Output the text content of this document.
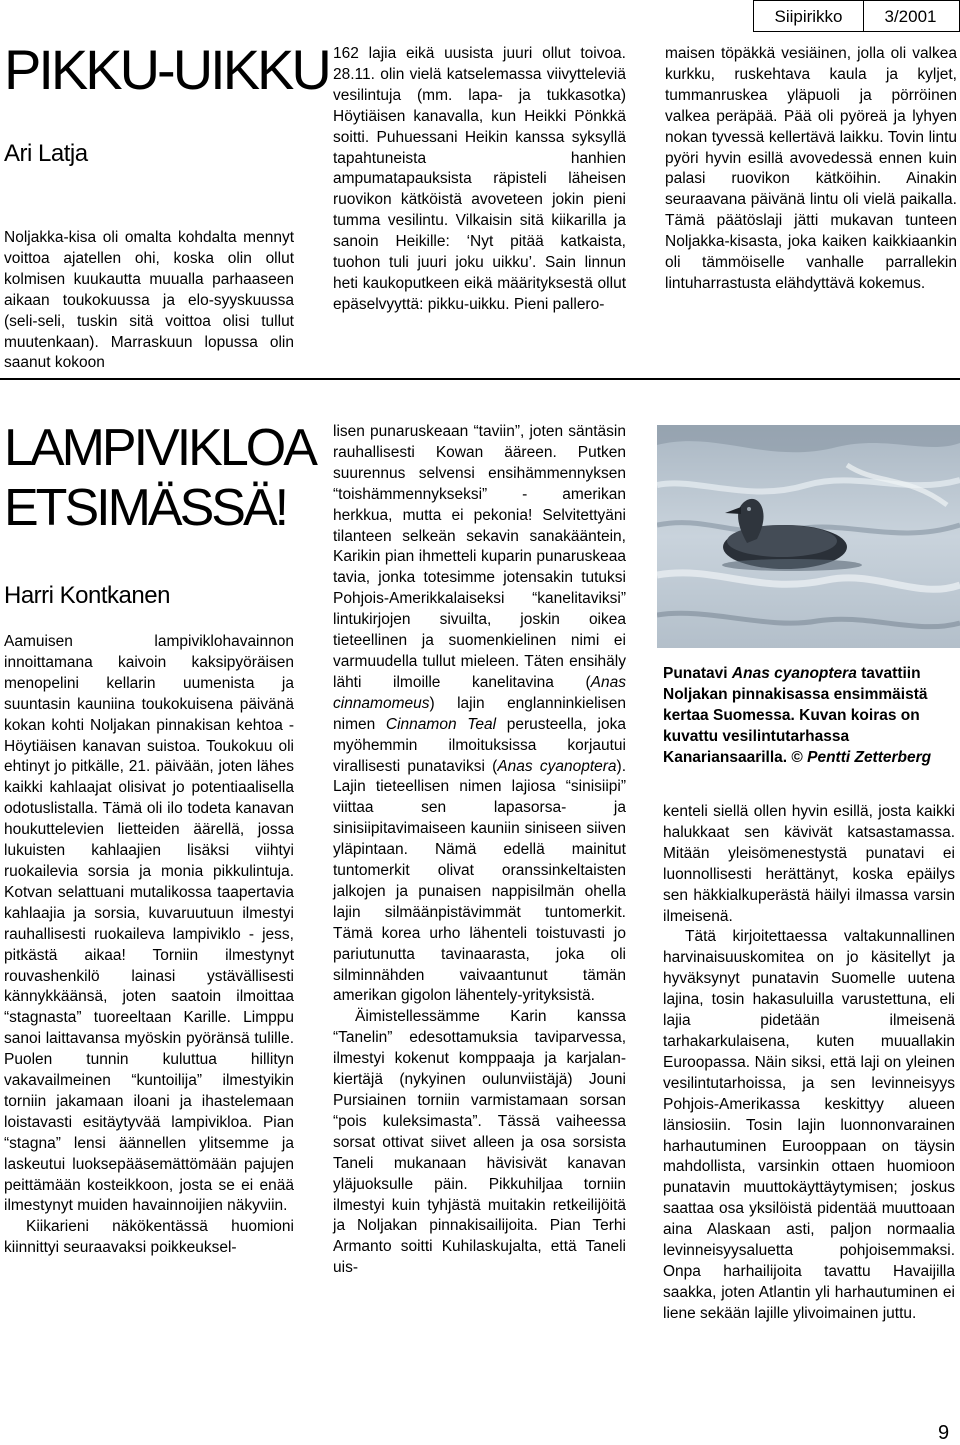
Siipirikko	3/2001
PIKKU-UIKKU
Ari Latja

Noljakka-kisa oli omalta kohdalta mennyt voittoa ajatellen ohi, koska olin ollut kolmisen kuukautta muualla parhaaseen aikaan toukokuussa ja elo-syyskuussa (seli-seli, tuskin sitä voittoa olisi tullut muutenkaan). Marraskuun lopussa olin saanut kokoon

162 lajia eikä uusista juuri ollut toivoa. 28.11. olin vielä katselemassa viivytteleviä vesilintuja (mm. lapa- ja tukkasotka) Höytiäisen kanavalla, kun Heikki Pönkkä soitti. Puhuessani Heikin kanssa syksyllä tapahtuneista hanhien ampumatapauksista räpisteli läheisen ruovikon kätköistä avoveteen jokin pieni tumma vesilintu. Vilkaisin sitä kiikarilla ja sanoin Heikille: ‘Nyt pitää katkaista, tuohon tuli juuri joku uikku’. Sain linnun heti kaukoputkeen eikä määrityksestä ollut epäselvyyttä: pikku-uikku. Pieni pallero-

maisen töpäkkä vesiäinen, jolla oli valkea kurkku, ruskehtava kaula ja kyljet, tummanruskea yläpuoli ja pörröinen valkea peräpää. Pää oli pyöreä ja lyhyen nokan tyvessä kellertävä laikku. Tovin lintu pyöri hyvin esillä avovedessä ennen kuin palasi ruovikon kätköihin. Ainakin seuraavana päivänä lintu oli vielä paikalla. Tämä päätöslaji jätti mukavan tunteen Noljakka-kisasta, joka kaiken kaikkiaankin oli tämmöiselle vanhalle parrallekin lintuharrastusta elähdyttävä kokemus.

LAMPIVIKLOA
ETSIMÄSSÄ!
Harri Kontkanen

Aamuisen lampiviklohavainnon innoittamana kaivoin kaksipyöräisen menopelini kellarin uumenista ja suuntasin kauniina toukokuisena päivänä kokan kohti Noljakan pinnakisan kehtoa - Höytiäisen kanavan suistoa. Toukokuu oli ehtinyt jo pitkälle, 21. päivään, joten lähes kaikki kahlaajat olisivat jo potentiaalisella odotuslistalla. Tämä oli ilo todeta kanavan houkuttelevien lietteiden äärellä, jossa lukuisten kahlaajien lisäksi viihtyi ruokailevia sorsia ja monia pikkulintuja. Kotvan selattuani mutalikossa taapertavia kahlaajia ja sorsia, kuvaruutuun ilmestyi rauhallisesti ruokaileva lampiviklo - jess, pitkästä aikaa! Torniin ilmestynyt rouvashenkilö lainasi ystävällisesti kännykkäänsä, joten saatoin ilmoittaa “stagnasta” tuoreeltaan Karille. Limppu sanoi laittavansa myöskin pyöränsä tulille. Puolen tunnin kuluttua hillityn vakavailmeinen “kuntoilija” ilmestyikin torniin jakamaan iloani ja ihastelemaan loistavasti esitäytyvää lampivikloa. Pian “stagna” lensi äännellen ylitsemme ja laskeutui luoksepääsemättömään pajujen peittämään kosteikkoon, josta se ei enää ilmestynyt muiden havainnoijien näkyviin.

Kiikarieni näkökentässä huomioni kiinnittyi seuraavaksi poikkeuksel-

lisen punaruskeaan “taviin”, joten säntäsin rauhallisesti Kowan ääreen. Putken suurennus selvensi ensihämmennyksen “toishämmennykseksi” - amerikan herkkua, mutta ei pekonia! Selvitettyäni tilanteen selkeän sekavin sanakääntein, Karikin pian ihmetteli kuparin punaruskeaa tavia, jonka totesimme jotensakin tutuksi Pohjois-Amerikkalaiseksi “kanelitaviksi” lintukirjojen sivuilta, joskin oikea tieteellinen ja suomenkielinen nimi ei varmuudella tullut mieleen. Täten ensihäly lähti ilmoille kanelitavina (Anas cinnamomeus) lajin englanninkielisen nimen Cinnamon Teal perusteella, joka myöhemmin ilmoituksissa korjautui virallisesti punataviksi (Anas cyanoptera). Lajin tieteellisen nimen lajiosa “sinisiipi” viittaa sen lapasorsa- ja sinisiipitavimaiseen kauniin siniseen siiven yläpintaan. Nämä edellä mainitut tuntomerkit olivat oranssinkeltaisten jalkojen ja punaisen nappisilmän ohella lajin silmäänpistävimmät tuntomerkit. Tämä korea urho lähenteli toistuvasti jo pariutunutta tavinaarasta, joka oli silminnähden vaivaantunut tämän amerikan gigolon lähentely-yrityksistä.

Äimistellessämme Karin kanssa “Tanelin” edesottamuksia taviparvessa, ilmestyi kokenut komppaaja ja karjalan-kiertäjä (nykyinen oulunviistäjä) Jouni Pursiainen torniin varmistamaan sorsan “pois kuleksimasta”. Tässä vaiheessa sorsat ottivat siivet alleen ja osa sorsista Taneli mukanaan hävisivät kanavan yläjuoksulle päin. Pikkuhiljaa torniin ilmestyi kuin tyhjästä muitakin retkeilijöitä ja Noljakan pinnakisailijoita. Pian Terhi Armanto soitti Kuhilaskujalta, että Taneli uis-

Punatavi Anas cyanoptera tavattiin Noljakan pinnakisassa ensimmäistä kertaa Suomessa. Kuvan koiras on kuvattu vesilintutarhassa Kanariansaarilla. © Pentti Zetterberg

kenteli siellä ollen hyvin esillä, josta kaikki halukkaat sen kävivät katsastamassa. Mitään yleisömenestystä punatavi ei luonnollisesti herättänyt, koska epäilys sen häkkialkuperästä häilyi ilmassa varsin ilmeisenä.

Tätä kirjoitettaessa valtakunnallinen harvinaisuuskomitea on jo käsitellyt ja hyväksynyt punatavin Suomelle uutena lajina, tosin hakasuluilla varustettuna, eli lajia pidetään ilmeisenä tarhakarkulaisena, kuten muuallakin Euroopassa. Näin siksi, että laji on yleinen vesilintutarhoissa, ja sen levinneisyys Pohjois-Amerikassa keskittyy alueen länsiosiin. Tosin lajin luonnonvarainen harhautuminen Eurooppaan on täysin mahdollista, varsinkin ottaen huomioon punatavin muuttokäyttäytymisen; joskus saattaa osa yksilöistä pidentää muuttoaan aina Alaskaan asti, paljon normaalia levinneisyysaluetta pohjoisemmaksi. Onpa harhailijoita tavattu Havaijilla saakka, joten Atlantin yli harhautuminen ei liene sekään lajille ylivoimainen juttu.

9
